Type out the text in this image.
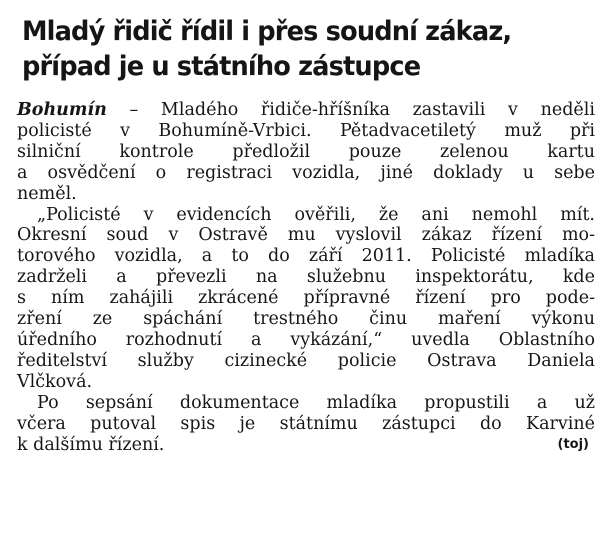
Mladý řidič řídil i přes soudní zákaz,
případ je u státního zástupce
Bohumín – Mladého řidiče-hříšníka zastavili v neděli
policisté v Bohumíně-Vrbici. Pětadvacetiletý muž při
silniční kontrole předložil pouze zelenou kartu
a osvědčení o registraci vozidla, jiné doklady u sebe
neměl.
„Policisté v evidencích ověřili, že ani nemohl mít.
Okresní soud v Ostravě mu vyslovil zákaz řízení mo-
torového vozidla, a to do září 2011. Policisté mladíka
zadrželi a převezli na služebnu inspektorátu, kde
s ním zahájili zkrácené přípravné řízení pro pode-
zření ze spáchání trestného činu maření výkonu
úředního rozhodnutí a vykázání,“ uvedla Oblastního
ředitelství služby cizinecké policie Ostrava Daniela
Vlčková.
Po sepsání dokumentace mladíka propustili a už
včera putoval spis je státnímu zástupci do Karviné
k dalšímu řízení.	(toj)
